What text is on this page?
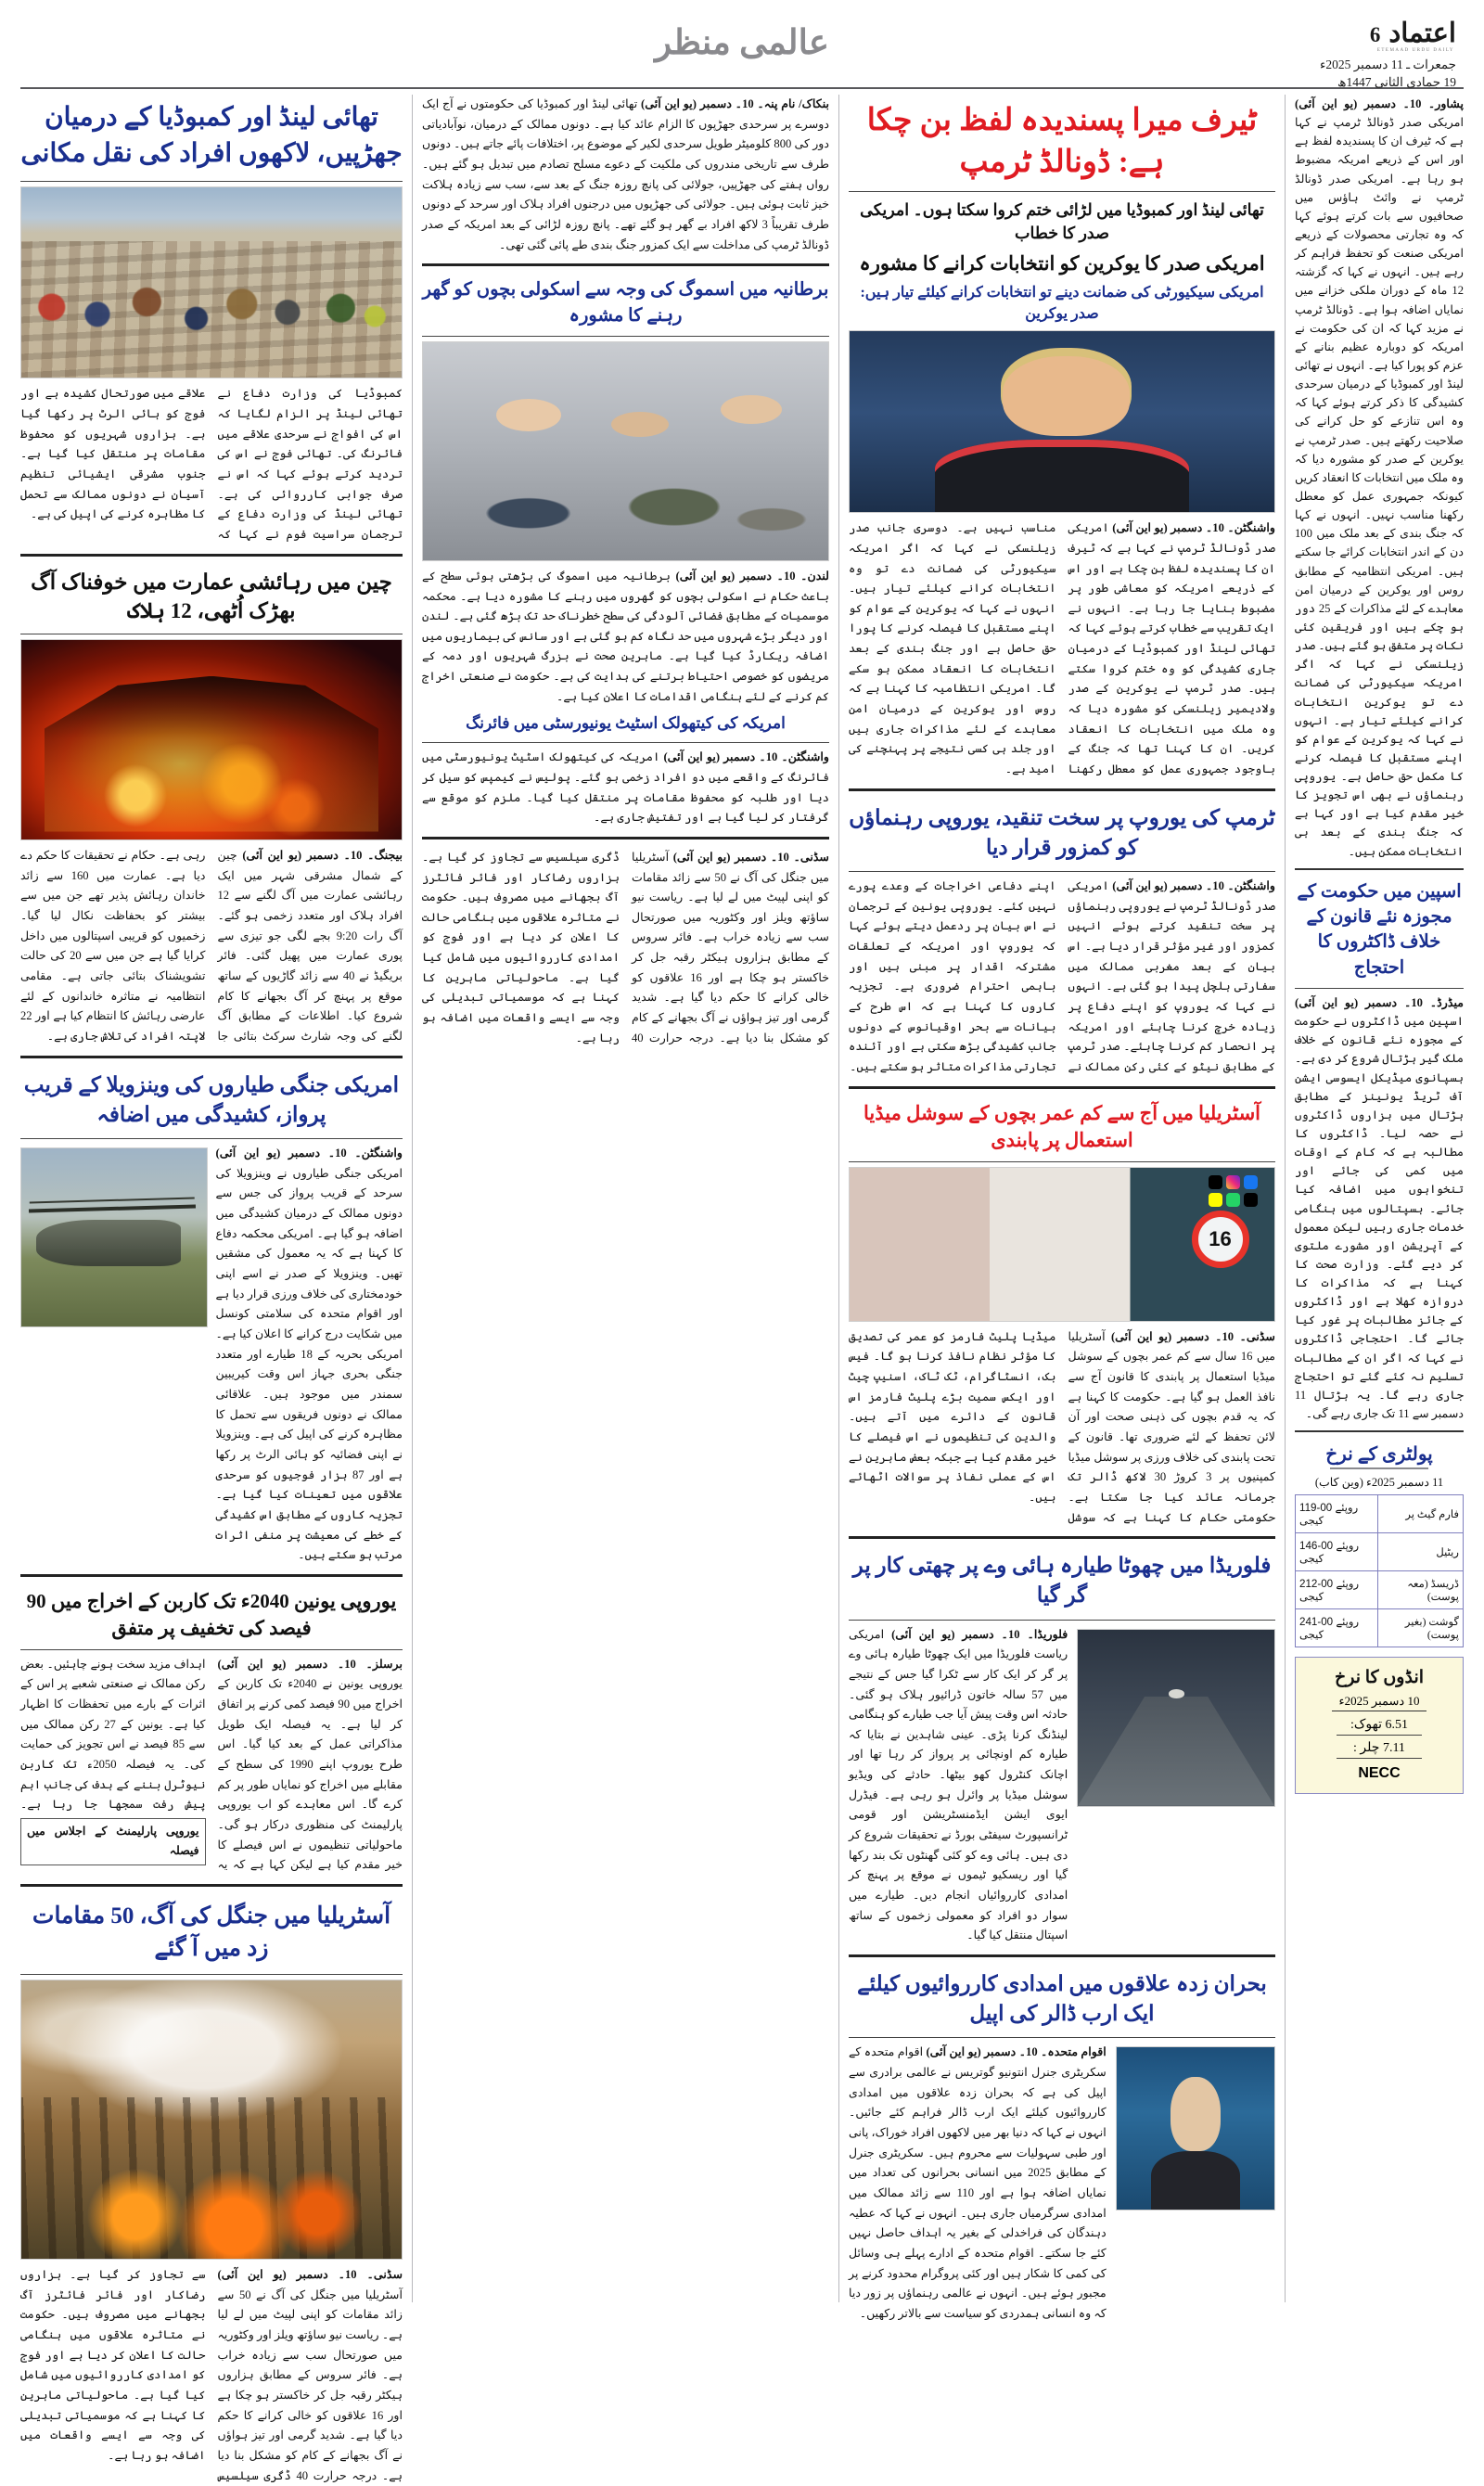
6 اعتماد
ETEMAAD URDU DAILY
جمعرات ـ 11 دسمبر 2025ء
19 جمادی الثانی 1447ھ
عالمی منظر
پشاور۔ 10۔ دسمبر (یو این آئی) امریکی صدر ڈونالڈ ٹرمپ نے کہا ہے کہ ٹیرف ان کا پسندیدہ لفظ ہے اور اس کے ذریعے امریکہ مضبوط ہو رہا ہے۔ امریکی صدر ڈونالڈ ٹرمپ نے وائٹ ہاؤس میں صحافیوں سے بات کرتے ہوئے کہا کہ وہ تجارتی محصولات کے ذریعے امریکی صنعت کو تحفظ فراہم کر رہے ہیں۔ انہوں نے کہا کہ گزشتہ 12 ماہ کے دوران ملکی خزانے میں نمایاں اضافہ ہوا ہے۔ ڈونالڈ ٹرمپ نے مزید کہا کہ ان کی حکومت نے امریکہ کو دوبارہ عظیم بنانے کے عزم کو پورا کیا ہے۔ انہوں نے تھائی لینڈ اور کمبوڈیا کے درمیان سرحدی کشیدگی کا ذکر کرتے ہوئے کہا کہ وہ اس تنازعے کو حل کرانے کی صلاحیت رکھتے ہیں۔ صدر ٹرمپ نے یوکرین کے صدر کو مشورہ دیا کہ وہ ملک میں انتخابات کا انعقاد کریں کیونکہ جمہوری عمل کو معطل رکھنا مناسب نہیں۔ انہوں نے کہا کہ جنگ بندی کے بعد ملک میں 100 دن کے اندر انتخابات کرائے جا سکتے ہیں۔ امریکی انتظامیہ کے مطابق روس اور یوکرین کے درمیان امن معاہدے کے لئے مذاکرات کے 25 دور ہو چکے ہیں اور فریقین کئی نکات پر متفق ہو گئے ہیں۔ صدر زیلنسکی نے کہا کہ اگر امریکہ سیکیورٹی کی ضمانت دے تو یوکرین انتخابات کرانے کیلئے تیار ہے۔ انہوں نے کہا کہ یوکرین کے عوام کو اپنے مستقبل کا فیصلہ کرنے کا مکمل حق حاصل ہے۔ یوروپی رہنماؤں نے بھی اس تجویز کا خیر مقدم کیا ہے اور کہا ہے کہ جنگ بندی کے بعد ہی انتخابات ممکن ہیں۔
اسپین میں حکومت کے مجوزہ نئے قانون کے خلاف ڈاکٹروں کا احتجاج
میڈرڈ۔ 10۔ دسمبر (یو این آئی) اسپین میں ڈاکٹروں نے حکومت کے مجوزہ نئے قانون کے خلاف ملک گیر ہڑتال شروع کر دی ہے۔ ہسپانوی میڈیکل ایسوسی ایشن آف ٹریڈ یونینز کے مطابق ہڑتال میں ہزاروں ڈاکٹروں نے حصہ لیا۔ ڈاکٹروں کا مطالبہ ہے کہ کام کے اوقات میں کمی کی جائے اور تنخواہوں میں اضافہ کیا جائے۔ ہسپتالوں میں ہنگامی خدمات جاری رہیں لیکن معمول کے آپریشن اور مشورے ملتوی کر دیے گئے۔ وزارت صحت کا کہنا ہے کہ مذاکرات کا دروازہ کھلا ہے اور ڈاکٹروں کے جائز مطالبات پر غور کیا جائے گا۔ احتجاجی ڈاکٹروں نے کہا کہ اگر ان کے مطالبات تسلیم نہ کئے گئے تو احتجاج جاری رہے گا۔ یہ ہڑتال 11 دسمبر سے 11 تک جاری رہے گی۔
پولٹری کے نرخ
11 دسمبر 2025ء (وین کاب)
فارم گیٹ پر	119-00 روپئے کیجی
ریٹیل	146-00 روپئے کیجی
ڈریسڈ (معہ پوست)	212-00 روپئے کیجی
گوشت (بغیر پوست)	241-00 روپئے کیجی
انڈوں کا نرخ
10 دسمبر 2025ء
6.51 تھوک:
7.11 چلر :
NECC
ٹیرف میرا پسندیدہ لفظ بن چکا ہے: ڈونالڈ ٹرمپ
تھائی لینڈ اور کمبوڈیا میں لڑائی ختم کروا سکتا ہوں۔ امریکی صدر کا خطاب
امریکی صدر کا یوکرین کو انتخابات کرانے کا مشورہ
امریکی سیکیورٹی کی ضمانت دینے تو انتخابات کرانے کیلئے تیار ہیں: صدر یوکرین
واشنگٹن۔ 10۔ دسمبر (یو این آئی) امریکی صدر ڈونالڈ ٹرمپ نے کہا ہے کہ ٹیرف ان کا پسندیدہ لفظ بن چکا ہے اور اس کے ذریعے امریکہ کو معاشی طور پر مضبوط بنایا جا رہا ہے۔ انہوں نے ایک تقریب سے خطاب کرتے ہوئے کہا کہ تھائی لینڈ اور کمبوڈیا کے درمیان جاری کشیدگی کو وہ ختم کروا سکتے ہیں۔ صدر ٹرمپ نے یوکرین کے صدر ولادیمیر زیلنسکی کو مشورہ دیا کہ وہ ملک میں انتخابات کا انعقاد کریں۔ ان کا کہنا تھا کہ جنگ کے باوجود جمہوری عمل کو معطل رکھنا مناسب نہیں ہے۔ دوسری جانب صدر زیلنسکی نے کہا کہ اگر امریکہ سیکیورٹی کی ضمانت دے تو وہ انتخابات کرانے کیلئے تیار ہیں۔ انہوں نے کہا کہ یوکرین کے عوام کو اپنے مستقبل کا فیصلہ کرنے کا پورا حق حاصل ہے اور جنگ بندی کے بعد انتخابات کا انعقاد ممکن ہو سکے گا۔ امریکی انتظامیہ کا کہنا ہے کہ روس اور یوکرین کے درمیان امن معاہدے کے لئے مذاکرات جاری ہیں اور جلد ہی کسی نتیجے پر پہنچنے کی امید ہے۔
ٹرمپ کی یوروپ پر سخت تنقید، یوروپی رہنماؤں کو کمزور قرار دیا
واشنگٹن۔ 10۔ دسمبر (یو این آئی) امریکی صدر ڈونالڈ ٹرمپ نے یوروپی رہنماؤں پر سخت تنقید کرتے ہوئے انہیں کمزور اور غیر مؤثر قرار دیا ہے۔ اس بیان کے بعد مغربی ممالک میں سفارتی ہلچل پیدا ہو گئی ہے۔ انہوں نے کہا کہ یوروپ کو اپنے دفاع پر زیادہ خرچ کرنا چاہئے اور امریکہ پر انحصار کم کرنا چاہئے۔ صدر ٹرمپ کے مطابق نیٹو کے کئی رکن ممالک نے اپنے دفاعی اخراجات کے وعدے پورے نہیں کئے۔ یوروپی یونین کے ترجمان نے اس بیان پر ردعمل دیتے ہوئے کہا کہ یوروپ اور امریکہ کے تعلقات مشترکہ اقدار پر مبنی ہیں اور باہمی احترام ضروری ہے۔ تجزیہ کاروں کا کہنا ہے کہ اس طرح کے بیانات سے بحر اوقیانوس کے دونوں جانب کشیدگی بڑھ سکتی ہے اور آئندہ تجارتی مذاکرات متاثر ہو سکتے ہیں۔
آسٹریلیا میں آج سے کم عمر بچوں کے سوشل میڈیا استعمال پر پابندی
16
سڈنی۔ 10۔ دسمبر (یو این آئی) آسٹریلیا میں 16 سال سے کم عمر بچوں کے سوشل میڈیا استعمال پر پابندی کا قانون آج سے نافذ العمل ہو گیا ہے۔ حکومت کا کہنا ہے کہ یہ قدم بچوں کی ذہنی صحت اور آن لائن تحفظ کے لئے ضروری تھا۔ قانون کے تحت پابندی کی خلاف ورزی پر سوشل میڈیا کمپنیوں پر 3 کروڑ 30 لاکھ ڈالر تک جرمانہ عائد کیا جا سکتا ہے۔ حکومتی حکام کا کہنا ہے کہ سوشل میڈیا پلیٹ فارمز کو عمر کی تصدیق کا مؤثر نظام نافذ کرنا ہو گا۔ فیس بک، انسٹاگرام، ٹک ٹاک، اسنیپ چیٹ اور ایکس سمیت بڑے پلیٹ فارمز اس قانون کے دائرے میں آتے ہیں۔ والدین کی تنظیموں نے اس فیصلے کا خیر مقدم کیا ہے جبکہ بعض ماہرین نے اس کے عملی نفاذ پر سوالات اٹھائے ہیں۔
فلوریڈا میں چھوٹا طیارہ ہائی وے پر چھتی کار پر گر گیا
فلوریڈا۔ 10۔ دسمبر (یو این آئی) امریکی ریاست فلوریڈا میں ایک چھوٹا طیارہ ہائی وے پر گر کر ایک کار سے ٹکرا گیا جس کے نتیجے میں 57 سالہ خاتون ڈرائیور ہلاک ہو گئی۔ حادثہ اس وقت پیش آیا جب طیارے کو ہنگامی لینڈنگ کرنا پڑی۔ عینی شاہدین نے بتایا کہ طیارہ کم اونچائی پر پرواز کر رہا تھا اور اچانک کنٹرول کھو بیٹھا۔ حادثے کی ویڈیو سوشل میڈیا پر وائرل ہو رہی ہے۔ فیڈرل ایوی ایشن ایڈمنسٹریشن اور قومی ٹرانسپورٹ سیفٹی بورڈ نے تحقیقات شروع کر دی ہیں۔ ہائی وے کو کئی گھنٹوں تک بند رکھا گیا اور ریسکیو ٹیموں نے موقع پر پہنچ کر امدادی کارروائیاں انجام دیں۔ طیارے میں سوار دو افراد کو معمولی زخموں کے ساتھ اسپتال منتقل کیا گیا۔
بحران زدہ علاقوں میں امدادی کارروائیوں کیلئے ایک ارب ڈالر کی اپیل
اقوام متحدہ۔ 10۔ دسمبر (یو این آئی) اقوام متحدہ کے سکریٹری جنرل انتونیو گوتریس نے عالمی برادری سے اپیل کی ہے کہ بحران زدہ علاقوں میں امدادی کارروائیوں کیلئے ایک ارب ڈالر فراہم کئے جائیں۔ انہوں نے کہا کہ دنیا بھر میں لاکھوں افراد خوراک، پانی اور طبی سہولیات سے محروم ہیں۔ سکریٹری جنرل کے مطابق 2025 میں انسانی بحرانوں کی تعداد میں نمایاں اضافہ ہوا ہے اور 110 سے زائد ممالک میں امدادی سرگرمیاں جاری ہیں۔ انہوں نے کہا کہ عطیہ دہندگان کی فراخدلی کے بغیر یہ اہداف حاصل نہیں کئے جا سکتے۔ اقوام متحدہ کے ادارے پہلے ہی وسائل کی کمی کا شکار ہیں اور کئی پروگرام محدود کرنے پر مجبور ہوئے ہیں۔ انہوں نے عالمی رہنماؤں پر زور دیا کہ وہ انسانی ہمدردی کو سیاست سے بالاتر رکھیں۔
بنکاک/ نام پنہ۔ 10۔ دسمبر (یو این آئی) تھائی لینڈ اور کمبوڈیا کی حکومتوں نے آج ایک دوسرے پر سرحدی جھڑپوں کا الزام عائد کیا ہے۔ دونوں ممالک کے درمیان، نوآبادیاتی دور کی 800 کلومیٹر طویل سرحدی لکیر کے موضوع پر، اختلافات پائے جاتے ہیں۔ دونوں طرف سے تاریخی مندروں کی ملکیت کے دعوے مسلح تصادم میں تبدیل ہو گئے ہیں۔ رواں ہفتے کی جھڑپیں، جولائی کی پانچ روزہ جنگ کے بعد سے، سب سے زیادہ ہلاکت خیز ثابت ہوئی ہیں۔ جولائی کی جھڑپوں میں درجنوں افراد ہلاک اور سرحد کے دونوں طرف تقریباً 3 لاکھ افراد بے گھر ہو گئے تھے۔ پانچ روزہ لڑائی کے بعد امریکہ کے صدر ڈونالڈ ٹرمپ کی مداخلت سے ایک کمزور جنگ بندی طے پائی گئی تھی۔
برطانیہ میں اسموگ کی وجہ سے اسکولی بچوں کو گھر رہنے کا مشورہ
لندن۔ 10۔ دسمبر (یو این آئی) برطانیہ میں اسموگ کی بڑھتی ہوئی سطح کے باعث حکام نے اسکولی بچوں کو گھروں میں رہنے کا مشورہ دیا ہے۔ محکمہ موسمیات کے مطابق فضائی آلودگی کی سطح خطرناک حد تک بڑھ گئی ہے۔ لندن اور دیگر بڑے شہروں میں حد نگاہ کم ہو گئی ہے اور سانس کی بیماریوں میں اضافہ ریکارڈ کیا گیا ہے۔ ماہرین صحت نے بزرگ شہریوں اور دمہ کے مریضوں کو خصوصی احتیاط برتنے کی ہدایت کی ہے۔ حکومت نے صنعتی اخراج کم کرنے کے لئے ہنگامی اقدامات کا اعلان کیا ہے۔
امریکہ کی کیتھولک اسٹیٹ یونیورسٹی میں فائرنگ
واشنگٹن۔ 10۔ دسمبر (یو این آئی) امریکہ کی کیتھولک اسٹیٹ یونیورسٹی میں فائرنگ کے واقعے میں دو افراد زخمی ہو گئے۔ پولیس نے کیمپس کو سیل کر دیا اور طلبہ کو محفوظ مقامات پر منتقل کیا گیا۔ ملزم کو موقع سے گرفتار کر لیا گیا ہے اور تفتیش جاری ہے۔
سڈنی۔ 10۔ دسمبر (یو این آئی) آسٹریلیا میں جنگل کی آگ نے 50 سے زائد مقامات کو اپنی لپیٹ میں لے لیا ہے۔ ریاست نیو ساؤتھ ویلز اور وکٹوریہ میں صورتحال سب سے زیادہ خراب ہے۔ فائر سروس کے مطابق ہزاروں ہیکٹر رقبہ جل کر خاکستر ہو چکا ہے اور 16 علاقوں کو خالی کرانے کا حکم دیا گیا ہے۔ شدید گرمی اور تیز ہواؤں نے آگ بجھانے کے کام کو مشکل بنا دیا ہے۔ درجہ حرارت 40 ڈگری سیلسیس سے تجاوز کر گیا ہے۔ ہزاروں رضاکار اور فائر فائٹرز آگ بجھانے میں مصروف ہیں۔ حکومت نے متاثرہ علاقوں میں ہنگامی حالت کا اعلان کر دیا ہے اور فوج کو امدادی کارروائیوں میں شامل کیا گیا ہے۔ ماحولیاتی ماہرین کا کہنا ہے کہ موسمیاتی تبدیلی کی وجہ سے ایسے واقعات میں اضافہ ہو رہا ہے۔
تھائی لینڈ اور کمبوڈیا کے درمیان جھڑپیں، لاکھوں افراد کی نقل مکانی
کمبوڈیا کی وزارت دفاع نے تھائی لینڈ پر الزام لگایا کہ اس کی افواج نے سرحدی علاقے میں فائرنگ کی۔ تھائی فوج نے اس کی تردید کرتے ہوئے کہا کہ اس نے صرف جوابی کارروائی کی ہے۔ تھائی لینڈ کی وزارت دفاع کے ترجمان سراسیت فوم نے کہا کہ علاقے میں صورتحال کشیدہ ہے اور فوج کو ہائی الرٹ پر رکھا گیا ہے۔ ہزاروں شہریوں کو محفوظ مقامات پر منتقل کیا گیا ہے۔ جنوب مشرقی ایشیائی تنظیم آسیان نے دونوں ممالک سے تحمل کا مظاہرہ کرنے کی اپیل کی ہے۔
چین میں رہائشی عمارت میں خوفناک آگ بھڑک اُٹھی، 12 ہلاک
بیجنگ۔ 10۔ دسمبر (یو این آئی) چین کے شمال مشرقی شہر میں ایک رہائشی عمارت میں آگ لگنے سے 12 افراد ہلاک اور متعدد زخمی ہو گئے۔ آگ رات 9:20 بجے لگی جو تیزی سے پوری عمارت میں پھیل گئی۔ فائر بریگیڈ نے 40 سے زائد گاڑیوں کے ساتھ موقع پر پہنچ کر آگ بجھانے کا کام شروع کیا۔ اطلاعات کے مطابق آگ لگنے کی وجہ شارٹ سرکٹ بتائی جا رہی ہے۔ حکام نے تحقیقات کا حکم دے دیا ہے۔ عمارت میں 160 سے زائد خاندان رہائش پذیر تھے جن میں سے بیشتر کو بحفاظت نکال لیا گیا۔ زخمیوں کو قریبی اسپتالوں میں داخل کرایا گیا ہے جن میں سے 20 کی حالت تشویشناک بتائی جاتی ہے۔ مقامی انتظامیہ نے متاثرہ خاندانوں کے لئے عارضی رہائش کا انتظام کیا ہے اور 22 لاپتہ افراد کی تلاش جاری ہے۔
امریکی جنگی طیاروں کی وینزویلا کے قریب پرواز، کشیدگی میں اضافہ
واشنگٹن۔ 10۔ دسمبر (یو این آئی) امریکی جنگی طیاروں نے وینزویلا کی سرحد کے قریب پرواز کی جس سے دونوں ممالک کے درمیان کشیدگی میں اضافہ ہو گیا ہے۔ امریکی محکمہ دفاع کا کہنا ہے کہ یہ معمول کی مشقیں تھیں۔ وینزویلا کے صدر نے اسے اپنی خودمختاری کی خلاف ورزی قرار دیا ہے اور اقوام متحدہ کی سلامتی کونسل میں شکایت درج کرانے کا اعلان کیا ہے۔ امریکی بحریہ کے 18 طیارے اور متعدد جنگی بحری جہاز اس وقت کیریبین سمندر میں موجود ہیں۔ علاقائی ممالک نے دونوں فریقوں سے تحمل کا مظاہرہ کرنے کی اپیل کی ہے۔ وینزویلا نے اپنی فضائیہ کو ہائی الرٹ پر رکھا ہے اور 87 ہزار فوجیوں کو سرحدی علاقوں میں تعینات کیا گیا ہے۔ تجزیہ کاروں کے مطابق اس کشیدگی کے خطے کی معیشت پر منفی اثرات مرتب ہو سکتے ہیں۔
یوروپی یونین 2040ء تک کاربن کے اخراج میں 90 فیصد کی تخفیف پر متفق
برسلز۔ 10۔ دسمبر (یو این آئی) یوروپی یونین نے 2040ء تک کاربن کے اخراج میں 90 فیصد کمی کرنے پر اتفاق کر لیا ہے۔ یہ فیصلہ ایک طویل مذاکراتی عمل کے بعد کیا گیا۔ اس طرح یوروپ اپنے 1990 کی سطح کے مقابلے میں اخراج کو نمایاں طور پر کم کرے گا۔ اس معاہدے کو اب یوروپی پارلیمنٹ کی منظوری درکار ہو گی۔ ماحولیاتی تنظیموں نے اس فیصلے کا خیر مقدم کیا ہے لیکن کہا ہے کہ یہ اہداف مزید سخت ہونے چاہئیں۔ بعض رکن ممالک نے صنعتی شعبے پر اس کے اثرات کے بارے میں تحفظات کا اظہار کیا ہے۔ یونین کے 27 رکن ممالک میں سے 85 فیصد نے اس تجویز کی حمایت کی۔ یہ فیصلہ 2050ء تک کاربن نیوٹرل بننے کے ہدف کی جانب اہم پیش رفت سمجھا جا رہا ہے۔ یوروپی پارلیمنٹ کے اجلاس میں فیصلہ
آسٹریلیا میں جنگل کی آگ، 50 مقامات زد میں آ گئے
سڈنی۔ 10۔ دسمبر (یو این آئی) آسٹریلیا میں جنگل کی آگ نے 50 سے زائد مقامات کو اپنی لپیٹ میں لے لیا ہے۔ ریاست نیو ساؤتھ ویلز اور وکٹوریہ میں صورتحال سب سے زیادہ خراب ہے۔ فائر سروس کے مطابق ہزاروں ہیکٹر رقبہ جل کر خاکستر ہو چکا ہے اور 16 علاقوں کو خالی کرانے کا حکم دیا گیا ہے۔ شدید گرمی اور تیز ہواؤں نے آگ بجھانے کے کام کو مشکل بنا دیا ہے۔ درجہ حرارت 40 ڈگری سیلسیس سے تجاوز کر گیا ہے۔ ہزاروں رضاکار اور فائر فائٹرز آگ بجھانے میں مصروف ہیں۔ حکومت نے متاثرہ علاقوں میں ہنگامی حالت کا اعلان کر دیا ہے اور فوج کو امدادی کارروائیوں میں شامل کیا گیا ہے۔ ماحولیاتی ماہرین کا کہنا ہے کہ موسمیاتی تبدیلی کی وجہ سے ایسے واقعات میں اضافہ ہو رہا ہے۔
